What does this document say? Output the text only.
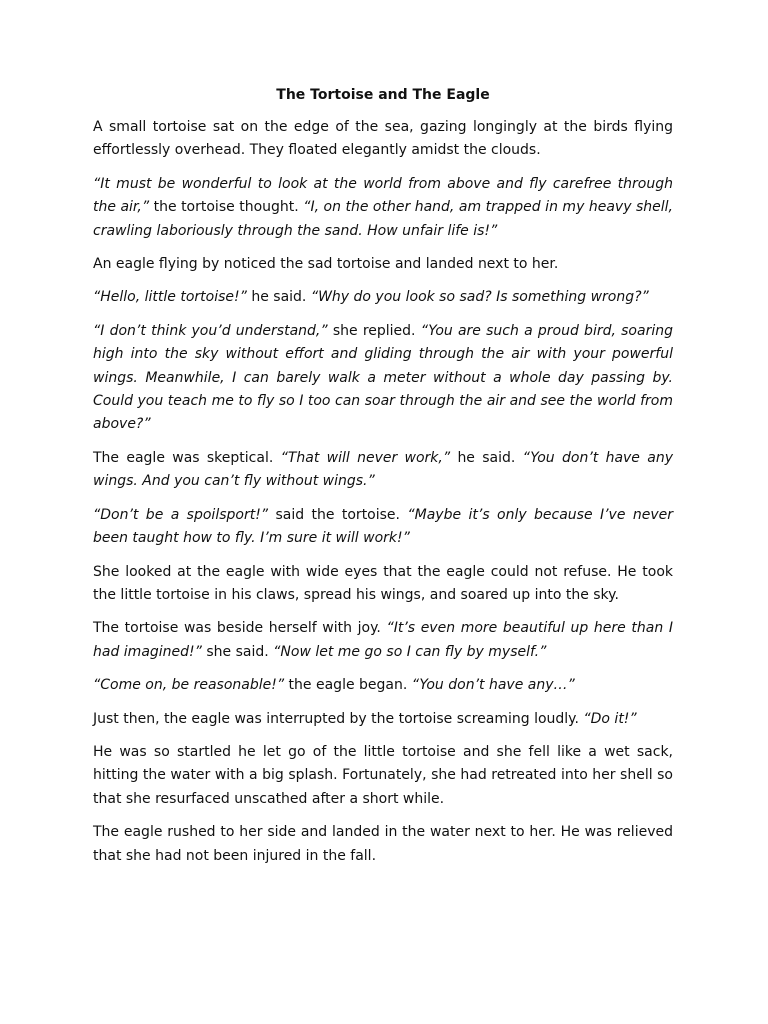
The Tortoise and The Eagle

A small tortoise sat on the edge of the sea, gazing longingly at the birds flying effortlessly overhead. They floated elegantly amidst the clouds.

“It must be wonderful to look at the world from above and fly carefree through the air,” the tortoise thought. “I, on the other hand, am trapped in my heavy shell, crawling laboriously through the sand. How unfair life is!”

An eagle flying by noticed the sad tortoise and landed next to her.

“Hello, little tortoise!” he said. “Why do you look so sad? Is something wrong?”

“I don’t think you’d understand,” she replied. “You are such a proud bird, soaring high into the sky without effort and gliding through the air with your powerful wings. Meanwhile, I can barely walk a meter without a whole day passing by. Could you teach me to fly so I too can soar through the air and see the world from above?”

The eagle was skeptical. “That will never work,” he said. “You don’t have any wings. And you can’t fly without wings.”

“Don’t be a spoilsport!” said the tortoise. “Maybe it’s only because I’ve never been taught how to fly. I’m sure it will work!”

She looked at the eagle with wide eyes that the eagle could not refuse. He took the little tortoise in his claws, spread his wings, and soared up into the sky.

The tortoise was beside herself with joy. “It’s even more beautiful up here than I had imagined!” she said. “Now let me go so I can fly by myself.”

“Come on, be reasonable!” the eagle began. “You don’t have any…”

Just then, the eagle was interrupted by the tortoise screaming loudly. “Do it!”

He was so startled he let go of the little tortoise and she fell like a wet sack, hitting the water with a big splash. Fortunately, she had retreated into her shell so that she resurfaced unscathed after a short while.

The eagle rushed to her side and landed in the water next to her. He was relieved that she had not been injured in the fall.
